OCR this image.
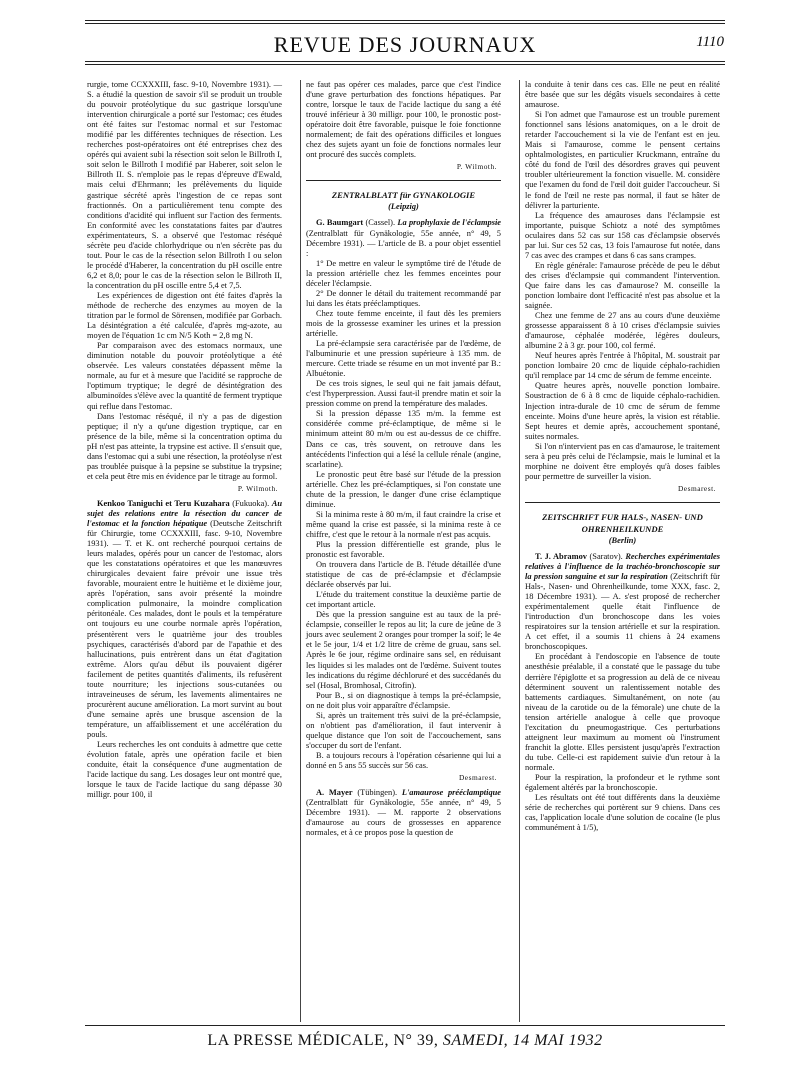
REVUE DES JOURNAUX	1110

rurgie, tome CCXXXIII, fasc. 9-10, Novembre 1931). — S. a étudié la question de savoir s'il se produit un trouble du pouvoir protéolytique du suc gastrique lorsqu'une intervention chirurgicale a porté sur l'estomac; ces études ont été faites sur l'estomac normal et sur l'estomac modifié par les différentes techniques de résection. Les recherches post-opératoires ont été entreprises chez des opérés qui avaient subi la résection soit selon le Billroth I, soit selon le Billroth I modifié par Haberer, soit selon le Billroth II. S. n'emploie pas le repas d'épreuve d'Ewald, mais celui d'Ehrmann; les prélèvements du liquide gastrique sécrété après l'ingestion de ce repas sont fractionnés. On a particulièrement tenu compte des conditions d'acidité qui influent sur l'action des ferments. En conformité avec les constatations faites par d'autres expérimentateurs, S. a observé que l'estomac réséqué sécrète peu d'acide chlorhydrique ou n'en sécrète pas du tout. Pour le cas de la résection selon Billroth I ou selon le procédé d'Haberer, la concentration du pH oscille entre 6,2 et 8,0; pour le cas de la résection selon le Billroth II, la concentration du pH oscille entre 5,4 et 7,5.

Les expériences de digestion ont été faites d'après la méthode de recherche des enzymes au moyen de la titration par le formol de Sörensen, modifiée par Gorbach. La désintégration a été calculée, d'après mg-azote, au moyen de l'équation 1c cm N/5 Koth = 2,8 mg N.

Par comparaison avec des estomacs normaux, une diminution notable du pouvoir protéolytique a été observée. Les valeurs constatées dépassent même la normale, au fur et à mesure que l'acidité se rapproche de l'optimum tryptique; le degré de désintégration des albuminoïdes s'élève avec la quantité de ferment tryptique qui reflue dans l'estomac.

Dans l'estomac réséqué, il n'y a pas de digestion peptique; il n'y a qu'une digestion tryptique, car en présence de la bile, même si la concentration optima du pH n'est pas atteinte, la trypsine est active. Il s'ensuit que, dans l'estomac qui a subi une résection, la protéolyse n'est pas troublée puisque à la pepsine se substitue la trypsine; et cela peut être mis en évidence par le titrage au formol.

P. Wilmoth.

Kenkoo Taniguchi et Teru Kuzahara (Fukuoka). Au sujet des relations entre la résection du cancer de l'estomac et la fonction hépatique (Deutsche Zeitschrift für Chirurgie, tome CCXXXIII, fasc. 9-10, Novembre 1931). — T. et K. ont recherché pourquoi certains de leurs malades, opérés pour un cancer de l'estomac, alors que les constatations opératoires et que les manœuvres chirurgicales devaient faire prévoir une issue très favorable, mouraient entre le huitième et le dixième jour, après l'opération, sans avoir présenté la moindre complication pulmonaire, la moindre complication péritonéale. Ces malades, dont le pouls et la température ont toujours eu une courbe normale après l'opération, présentèrent vers le quatrième jour des troubles psychiques, caractérisés d'abord par de l'apathie et des hallucinations, puis entrèrent dans un état d'agitation extrême. Alors qu'au début ils pouvaient digérer facilement de petites quantités d'aliments, ils refusèrent toute nourriture; les injections sous-cutanées ou intraveineuses de sérum, les lavements alimentaires ne procurèrent aucune amélioration. La mort survint au bout d'une semaine après une brusque ascension de la température, un affaiblissement et une accélération du pouls.

Leurs recherches les ont conduits à admettre que cette évolution fatale, après une opération facile et bien conduite, était la conséquence d'une augmentation de l'acide lactique du sang. Les dosages leur ont montré que, lorsque le taux de l'acide lactique du sang dépasse 30 milligr. pour 100, il

ne faut pas opérer ces malades, parce que c'est l'indice d'une grave perturbation des fonctions hépatiques. Par contre, lorsque le taux de l'acide lactique du sang a été trouvé inférieur à 30 milligr. pour 100, le pronostic post-opératoire doit être favorable, puisque le foie fonctionne normalement; de fait des opérations difficiles et longues chez des sujets ayant un foie de fonctions normales leur ont procuré des succès complets.

P. Wilmoth.
ZENTRALBLATT für GYNAKOLOGIE
(Leipzig)

G. Baumgart (Cassel). La prophylaxie de l'éclampsie (Zentralblatt für Gynäkologie, 55e année, n° 49, 5 Décembre 1931). — L'article de B. a pour objet essentiel :

1° De mettre en valeur le symptôme tiré de l'étude de la pression artérielle chez les femmes enceintes pour déceler l'éclampsie.

2° De donner le détail du traitement recommandé par lui dans les états prééclamptiques.

Chez toute femme enceinte, il faut dès les premiers mois de la grossesse examiner les urines et la pression artérielle.

La pré-éclampsie sera caractérisée par de l'œdème, de l'albuminurie et une pression supérieure à 135 mm. de mercure. Cette triade se résume en un mot inventé par B.: Albuétonie.

De ces trois signes, le seul qui ne fait jamais défaut, c'est l'hyperpression. Aussi faut-il prendre matin et soir la pression comme on prend la température des malades.

Si la pression dépasse 135 m/m. la femme est considérée comme pré-éclamptique, de même si le minimum atteint 80 m/m ou est au-dessus de ce chiffre. Dans ce cas, très souvent, on retrouve dans les antécédents l'infection qui a lésé la cellule rénale (angine, scarlatine).

Le pronostic peut être basé sur l'étude de la pression artérielle. Chez les pré-éclamptiques, si l'on constate une chute de la pression, le danger d'une crise éclamptique diminue.

Si la minima reste à 80 m/m, il faut craindre la crise et même quand la crise est passée, si la minima reste à ce chiffre, c'est que le retour à la normale n'est pas acquis.

Plus la pression différentielle est grande, plus le pronostic est favorable.

On trouvera dans l'article de B. l'étude détaillée d'une statistique de cas de pré-éclampsie et d'éclampsie déclarée observés par lui.

L'étude du traitement constitue la deuxième partie de cet important article.

Dès que la pression sanguine est au taux de la pré-éclampsie, conseiller le repos au lit; la cure de jeûne de 3 jours avec seulement 2 oranges pour tromper la soif; le 4e et le 5e jour, 1/4 et 1/2 litre de crème de gruau, sans sel. Après le 6e jour, régime ordinaire sans sel, en réduisant les liquides si les malades ont de l'œdème. Suivent toutes les indications du régime déchloruré et des succédanés du sel (Hosal, Bromhosal, Citrofin).

Pour B., si on diagnostique à temps la pré-éclampsie, on ne doit plus voir apparaître d'éclampsie.

Si, après un traitement très suivi de la pré-éclampsie, on n'obtient pas d'amélioration, il faut intervenir à quelque distance que l'on soit de l'accouchement, sans s'occuper du sort de l'enfant.

B. a toujours recours à l'opération césarienne qui lui a donné en 5 ans 55 succès sur 56 cas.

Desmarest.

A. Mayer (Tübingen). L'amaurose prééclamptique (Zentralblatt für Gynäkologie, 55e année, n° 49, 5 Décembre 1931). — M. rapporte 2 observations d'amaurose au cours de grossesses en apparence normales, et à ce propos pose la question de

la conduite à tenir dans ces cas. Elle ne peut en réalité être basée que sur les dégâts visuels secondaires à cette amaurose.

Si l'on admet que l'amaurose est un trouble purement fonctionnel sans lésions anatomiques, on a le droit de retarder l'accouchement si la vie de l'enfant est en jeu. Mais si l'amaurose, comme le pensent certains ophtalmologistes, en particulier Kruckmann, entraîne du côté du fond de l'œil des désordres graves qui peuvent troubler ultérieurement la fonction visuelle. M. considère que l'examen du fond de l'œil doit guider l'accoucheur. Si le fond de l'œil ne reste pas normal, il faut se hâter de délivrer la parturiente.

La fréquence des amauroses dans l'éclampsie est importante, puisque Schiotz a noté des symptômes oculaires dans 52 cas sur 158 cas d'éclampsie observés par lui. Sur ces 52 cas, 13 fois l'amaurose fut notée, dans 7 cas avec des crampes et dans 6 cas sans crampes.

En règle générale: l'amaurose précède de peu le début des crises d'éclampsie qui commandent l'intervention. Que faire dans les cas d'amaurose? M. conseille la ponction lombaire dont l'efficacité n'est pas absolue et la saignée.

Chez une femme de 27 ans au cours d'une deuxième grossesse apparaissent 8 à 10 crises d'éclampsie suivies d'amaurose, céphalée modérée, légères douleurs, albumine 2 à 3 gr. pour 100, col fermé.

Neuf heures après l'entrée à l'hôpital, M. soustrait par ponction lombaire 20 cmc de liquide céphalo-rachidien qu'il remplace par 14 cmc de sérum de femme enceinte.

Quatre heures après, nouvelle ponction lombaire. Soustraction de 6 à 8 cmc de liquide céphalo-rachidien. Injection intra-durale de 10 cmc de sérum de femme enceinte. Moins d'une heure après, la vision est rétablie. Sept heures et demie après, accouchement spontané, suites normales.

Si l'on n'intervient pas en cas d'amaurose, le traitement sera à peu près celui de l'éclampsie, mais le luminal et la morphine ne doivent être employés qu'à doses faibles pour permettre de surveiller la vision.

Desmarest.
ZEITSCHRIFT FUR HALS-, NASEN- UND OHRENHEILKUNDE
(Berlin)

T. J. Abramov (Saratov). Recherches expérimentales relatives à l'influence de la trachéo-bronchoscopie sur la pression sanguine et sur la respiration (Zeitschrift für Hals-, Nasen- und Ohrenheilkunde, tome XXX, fasc. 2, 18 Décembre 1931). — A. s'est proposé de rechercher expérimentalement quelle était l'influence de l'introduction d'un bronchoscope dans les voies respiratoires sur la tension artérielle et sur la respiration. A cet effet, il a soumis 11 chiens à 24 examens bronchoscopiques.

En procédant à l'endoscopie en l'absence de toute anesthésie préalable, il a constaté que le passage du tube derrière l'épiglotte et sa progression au delà de ce niveau déterminent souvent un ralentissement notable des battements cardiaques. Simultanément, on note (au niveau de la carotide ou de la fémorale) une chute de la tension artérielle analogue à celle que provoque l'excitation du pneumogastrique. Ces perturbations atteignent leur maximum au moment où l'instrument franchit la glotte. Elles persistent jusqu'après l'extraction du tube. Celle-ci est rapidement suivie d'un retour à la normale.

Pour la respiration, la profondeur et le rythme sont également altérés par la bronchoscopie.

Les résultats ont été tout différents dans la deuxième série de recherches qui portèrent sur 9 chiens. Dans ces cas, l'application locale d'une solution de cocaïne (le plus communément à 1/5),

LA PRESSE MÉDICALE, N° 39, SAMEDI, 14 MAI 1932
